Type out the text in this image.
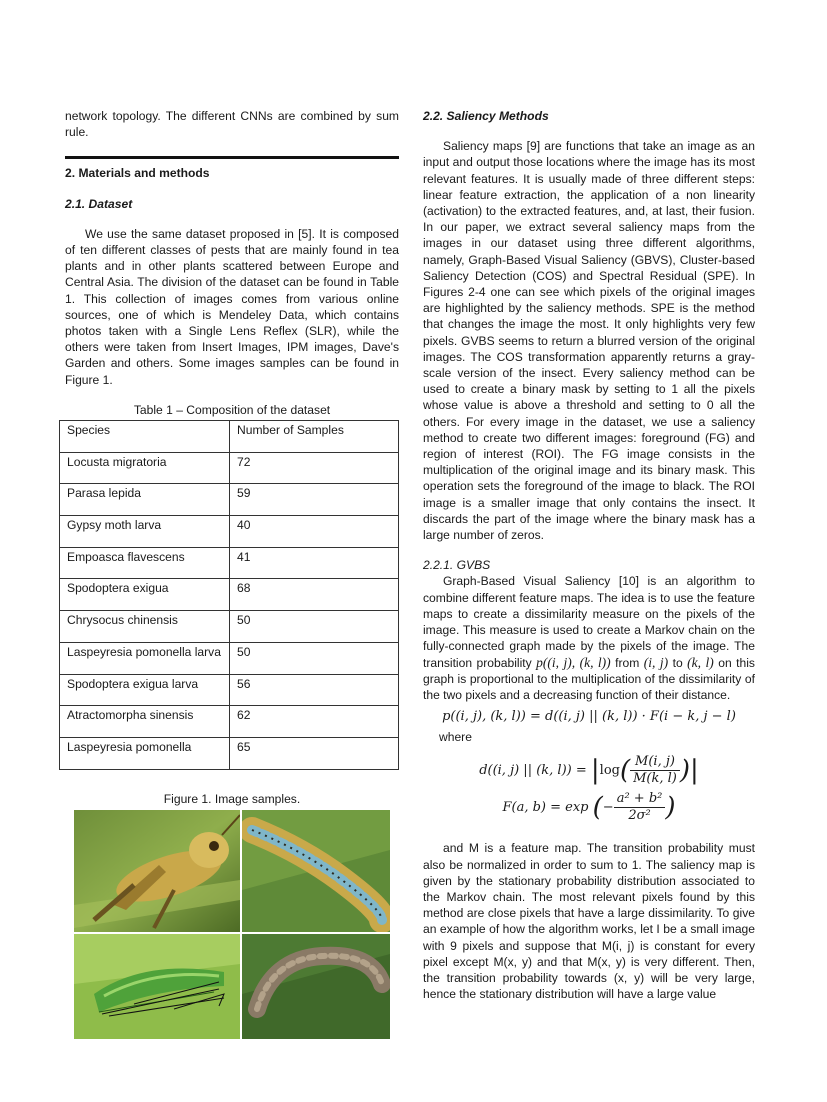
network topology. The different CNNs are combined by sum rule.

2. Materials and methods

2.1. Dataset

We use the same dataset proposed in [5]. It is composed of ten different classes of pests that are mainly found in tea plants and in other plants scattered between Europe and Central Asia. The division of the dataset can be found in Table 1. This collection of images comes from various online sources, one of which is Mendeley Data, which contains photos taken with a Single Lens Reflex (SLR), while the others were taken from Insert Images, IPM images, Dave's Garden and others. Some images samples can be found in Figure 1.

Table 1 – Composition of the dataset

Species	Number of Samples
Locusta migratoria	72
Parasa lepida	59
Gypsy moth larva	40
Empoasca flavescens	41
Spodoptera exigua	68
Chrysocus chinensis	50
Laspeyresia pomonella larva	50
Spodoptera exigua larva	56
Atractomorpha sinensis	62
Laspeyresia pomonella	65

Figure 1. Image samples.

2.2. Saliency Methods

Saliency maps [9] are functions that take an image as an input and output those locations where the image has its most relevant features. It is usually made of three different steps: linear feature extraction, the application of a non linearity (activation) to the extracted features, and, at last, their fusion. In our paper, we extract several saliency maps from the images in our dataset using three different algorithms, namely, Graph-Based Visual Saliency (GBVS), Cluster-based Saliency Detection (COS) and Spectral Residual (SPE). In Figures 2-4 one can see which pixels of the original images are highlighted by the saliency methods. SPE is the method that changes the image the most. It only highlights very few pixels. GVBS seems to return a blurred version of the original images. The COS transformation apparently returns a gray-scale version of the insect. Every saliency method can be used to create a binary mask by setting to 1 all the pixels whose value is above a threshold and setting to 0 all the others. For every image in the dataset, we use a saliency method to create two different images: foreground (FG) and region of interest (ROI). The FG image consists in the multiplication of the original image and its binary mask. This operation sets the foreground of the image to black. The ROI image is a smaller image that only contains the insect. It discards the part of the image where the binary mask has a large number of zeros.

2.2.1. GVBS

Graph-Based Visual Saliency [10] is an algorithm to combine different feature maps. The idea is to use the feature maps to create a dissimilarity measure on the pixels of the image. This measure is used to create a Markov chain on the fully-connected graph made by the pixels of the image. The transition probability p((i, j), (k, l)) from (i, j) to (k, l) on this graph is proportional to the multiplication of the dissimilarity of the two pixels and a decreasing function of their distance.

p((i, j), (k, l)) = d((i, j) || (k, l)) · F(i − k, j − l)

where

d((i, j) || (k, $l)) = |\log( \frac{M(i, j)}{M(k, l)}$ )|
F(a, b) = exp (− $\frac{\text{a² + b²}}{\text{2σ²}}$ )

and M is a feature map. The transition probability must also be normalized in order to sum to 1. The saliency map is given by the stationary probability distribution associated to the Markov chain. The most relevant pixels found by this method are close pixels that have a large dissimilarity. To give an example of how the algorithm works, let I be a small image with 9 pixels and suppose that M(i, j) is constant for every pixel except M(x, y) and that M(x, y) is very different. Then, the transition probability towards (x, y) will be very large, hence the stationary distribution will have a large value
